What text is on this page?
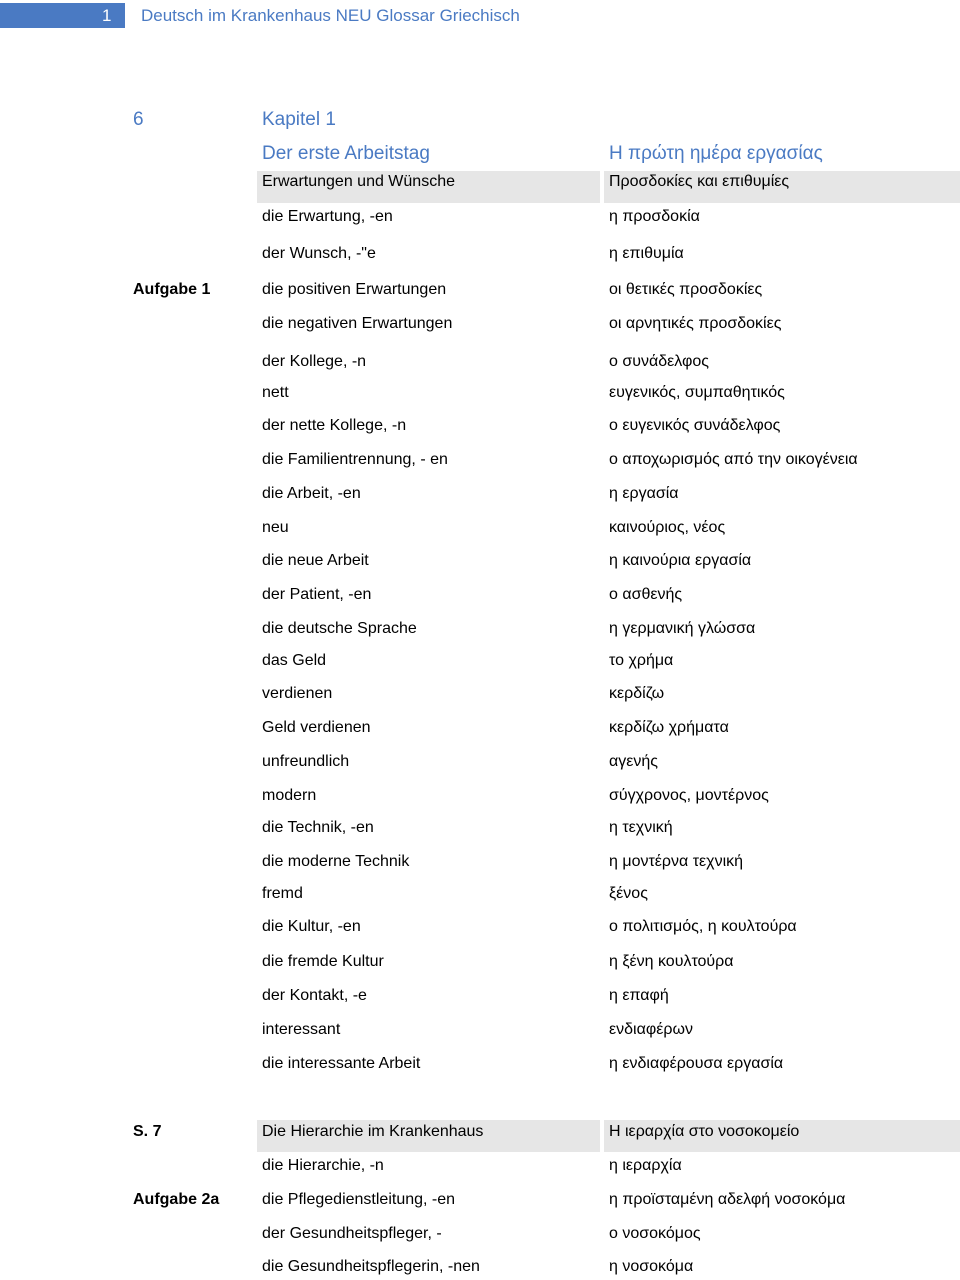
1	Deutsch im Krankenhaus NEU Glossar Griechisch
6	Kapitel 1
Der erste Arbeitstag	Η πρώτη ημέρα εργασίας
Erwartungen und Wünsche	Προσδοκίες και επιθυμίες
die Erwartung, -en	η προσδοκία
der Wunsch, -"e	η επιθυμία
Aufgabe 1	die positiven Erwartungen	οι θετικές προσδοκίες
die negativen Erwartungen	οι αρνητικές προσδοκίες
der Kollege, -n	ο συνάδελφος
nett	ευγενικός, συμπαθητικός
der nette Kollege, -n	ο ευγενικός συνάδελφος
die Familientrennung, - en	ο αποχωρισμός από την οικογένεια
die Arbeit, -en	η εργασία
neu	καινούριος, νέος
die neue Arbeit	η καινούρια εργασία
der Patient, -en	ο ασθενής
die deutsche Sprache	η γερμανική γλώσσα
das Geld	το χρήμα
verdienen	κερδίζω
Geld verdienen	κερδίζω χρήματα
unfreundlich	αγενής
modern	σύγχρονος, μοντέρνος
die Technik, -en	η τεχνική
die moderne Technik	η μοντέρνα τεχνική
fremd	ξένος
die Kultur, -en	ο πολιτισμός, η κουλτούρα
die fremde Kultur	η ξένη κουλτούρα
der Kontakt, -e	η επαφή
interessant	ενδιαφέρων
die interessante Arbeit	η ενδιαφέρουσα εργασία
S. 7	Die Hierarchie im Krankenhaus	Η ιεραρχία στο νοσοκομείο
die Hierarchie, -n	η ιεραρχία
Aufgabe 2a	die Pflegedienstleitung, -en	η προϊσταμένη αδελφή νοσοκόμα
der Gesundheitspfleger, -	ο νοσοκόμος
die Gesundheitspflegerin, -nen	η νοσοκόμα
